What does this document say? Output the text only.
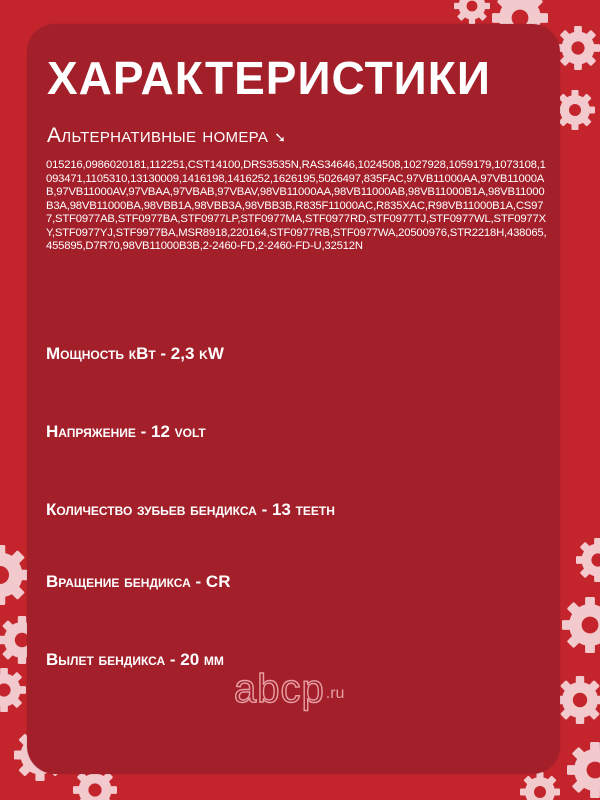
ХАРАКТЕРИСТИКИ
Альтернативные номера ➘
015216,0986020181,112251,CST14100,DRS3535N,RAS34646,1024508,1027928,1059179,1073108,1093471,1105310,13130009,1416198,1416252,1626195,5026497,835FAC,97VB11000AA,97VB11000AB,97VB11000AV,97VBAA,97VBAB,97VBAV,98VB11000AA,98VB11000AB,98VB11000B1A,98VB11000B3A,98VB11000BA,98VBB1A,98VBB3A,98VBB3B,R835F11000AC,R835XAC,R98VB11000B1A,CS977,STF0977AB,STF0977BA,STF0977LP,STF0977MA,STF0977RD,STF0977TJ,STF0977WL,STF0977XY,STF0977YJ,STF9977BA,MSR8918,220164,STF0977RB,STF0977WA,20500976,STR2218H,438065,455895,D7R70,98VB11000B3B,2-2460-FD,2-2460-FD-U,32512N
Мощность кВт - 2,3 kW
Напряжение - 12 volt
Количество зубьев бендикса - 13 teeth
Вращение бендикса - CR
Вылет бендикса - 20 мм
abcp .ru
